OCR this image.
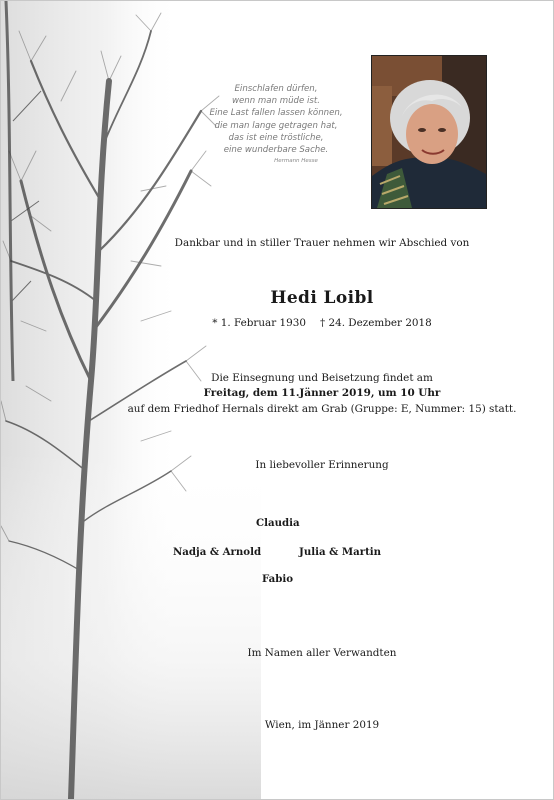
Einschlafen dürfen,
wenn man müde ist.
Eine Last fallen lassen können,
die man lange getragen hat,
das ist eine tröstliche,
eine wunderbare Sache.
Hermann Hesse
Dankbar und in stiller Trauer nehmen wir Abschied von
Hedi Loibl
* 1. Februar 1930 † 24. Dezember 2018
Die Einsegnung und Beisetzung findet am
Freitag, dem 11.Jänner 2019, um 10 Uhr
auf dem Friedhof Hernals direkt am Grab (Gruppe: E, Nummer: 15) statt.
In liebevoller Erinnerung
Claudia
Nadja & Arnold	Julia & Martin
Fabio
Im Namen aller Verwandten
Wien, im Jänner 2019
